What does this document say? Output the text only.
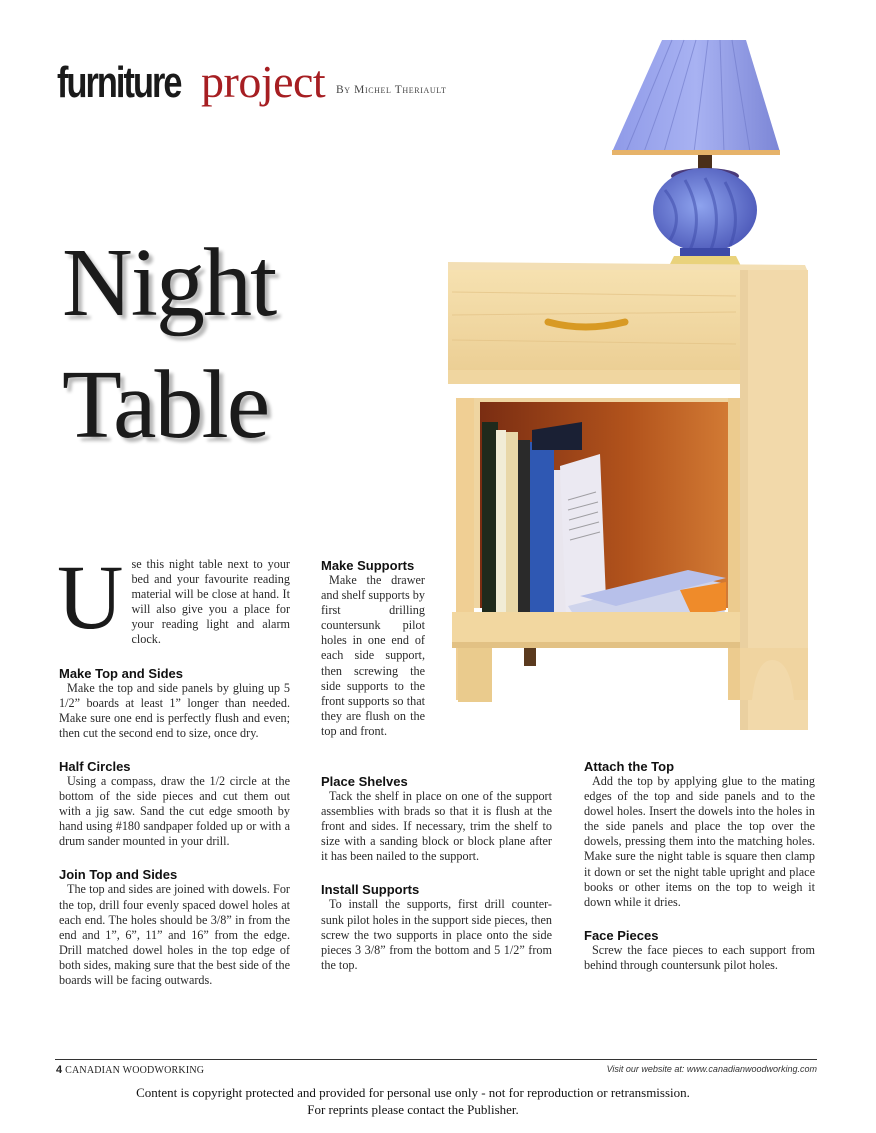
furniture project By Michel Theriault
Night
Table

Use this night table next to your bed and your favourite reading material will be close at hand. It will also give you a place for your reading light and alarm clock.

Make Top and Sides

Make the top and side panels by gluing up 5 1/2” boards at least 1” longer than needed. Make sure one end is perfectly flush and even; then cut the second end to size, once dry.

Half Circles

Using a compass, draw the 1/2 circle at the bottom of the side pieces and cut them out with a jig saw. Sand the cut edge smooth by hand using #180 sandpaper folded up or with a drum sander mounted in your drill.

Join Top and Sides

The top and sides are joined with dowels. For the top, drill four evenly spaced dowel holes at each end. The holes should be 3/8” in from the end and 1”, 6”, 11” and 16” from the edge. Drill matched dowel holes in the top edge of both sides, making sure that the best side of the boards will be facing outwards.

Make Supports

Make the drawer and shelf supports by first drilling countersunk pilot holes in one end of each side support, then screwing the side supports to the front supports so that they are flush on the top and front.

Place Shelves

Tack the shelf in place on one of the support assemblies with brads so that it is flush at the front and sides. If necessary, trim the shelf to size with a sanding block or block plane after it has been nailed to the support.

Install Supports

To install the supports, first drill counter-sunk pilot holes in the support side pieces, then screw the two supports in place onto the side pieces 3 3/8” from the bottom and 5 1/2” from the top.

Attach the Top

Add the top by applying glue to the mating edges of the top and side panels and to the dowel holes. Insert the dowels into the holes in the side panels and place the top over the dowels, pressing them into the matching holes. Make sure the night table is square then clamp it down or set the night table upright and place books or other items on the top to weigh it down while it dries.

Face Pieces

Screw the face pieces to each support from behind through countersunk pilot holes.

4 CANADIAN WOODWORKING	Visit our website at: www.canadianwoodworking.com
Content is copyright protected and provided for personal use only - not for reproduction or retransmission.
For reprints please contact the Publisher.
